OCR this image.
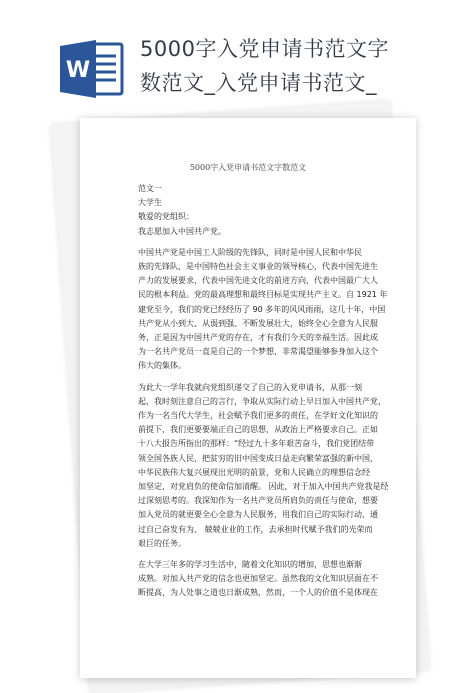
W
5000字入党申请书范文字
数范文_入党申请书范文_
5000字入党申请书范文字数范文

范文一

大学生

敬爱的党组织：

我志愿加入中国共产党。

中国共产党是中国工人阶级的先锋队，同时是中国人民和中华民

族的先锋队，是中国特色社会主义事业的领导核心，代表中国先进生

产力的发展要求，代表中国先进文化的前进方向，代表中国最广大人

民的根本利益。党的最高理想和最终目标是实现共产主义。自 1921 年

建党至今，我们的党已经经历了 90 多年的风风雨雨，这几十年，中国

共产党从小到大、从弱到强、不断发展壮大，始终全心全意为人民服

务，正是因为中国共产党的存在，才有我们今天的幸福生活。因此成

为一名共产党员一直是自己的一个梦想，非常渴望能够参身加入这个

伟大的集体。

为此大一学年我就向党组织递交了自己的入党申请书，从那一刻

起，我时刻注意自己的言行，争取从实际行动上早日加入中国共产党，

作为一名当代大学生，社会赋予我们更多的责任，在学好文化知识的

前提下，我们更要要端正自己的思想，从政治上严格要求自己。正如

十八大报告所指出的那样：“经过九十多年艰苦奋斗，我们党团结带

领全国各族人民，把贫穷的旧中国变成日益走向繁荣富强的新中国，

中华民族伟大复兴展现出光明的前景，党和人民确立的理想信念经

加坚定，对党肩负的使命信加清醒。 因此，对于加入中国共产党我是经

过深刻思考的。我深知作为一名共产党员所肩负的责任与使命，想要

加入党员的就更要全心全意为人民服务，用我们自己的实际行动，通

过自己奋发有为、 兢兢业业的工作，去承担时代赋予我们的光荣而

艰巨的任务。

在大学三年多的学习生活中，随着文化知识的增加，思想也渐渐

成熟。对加入共产党的信念也更加坚定。虽然我的文化知识层面在不

断提高，为人处事之道也日渐成熟，然而，一个人的价值不是体现在
